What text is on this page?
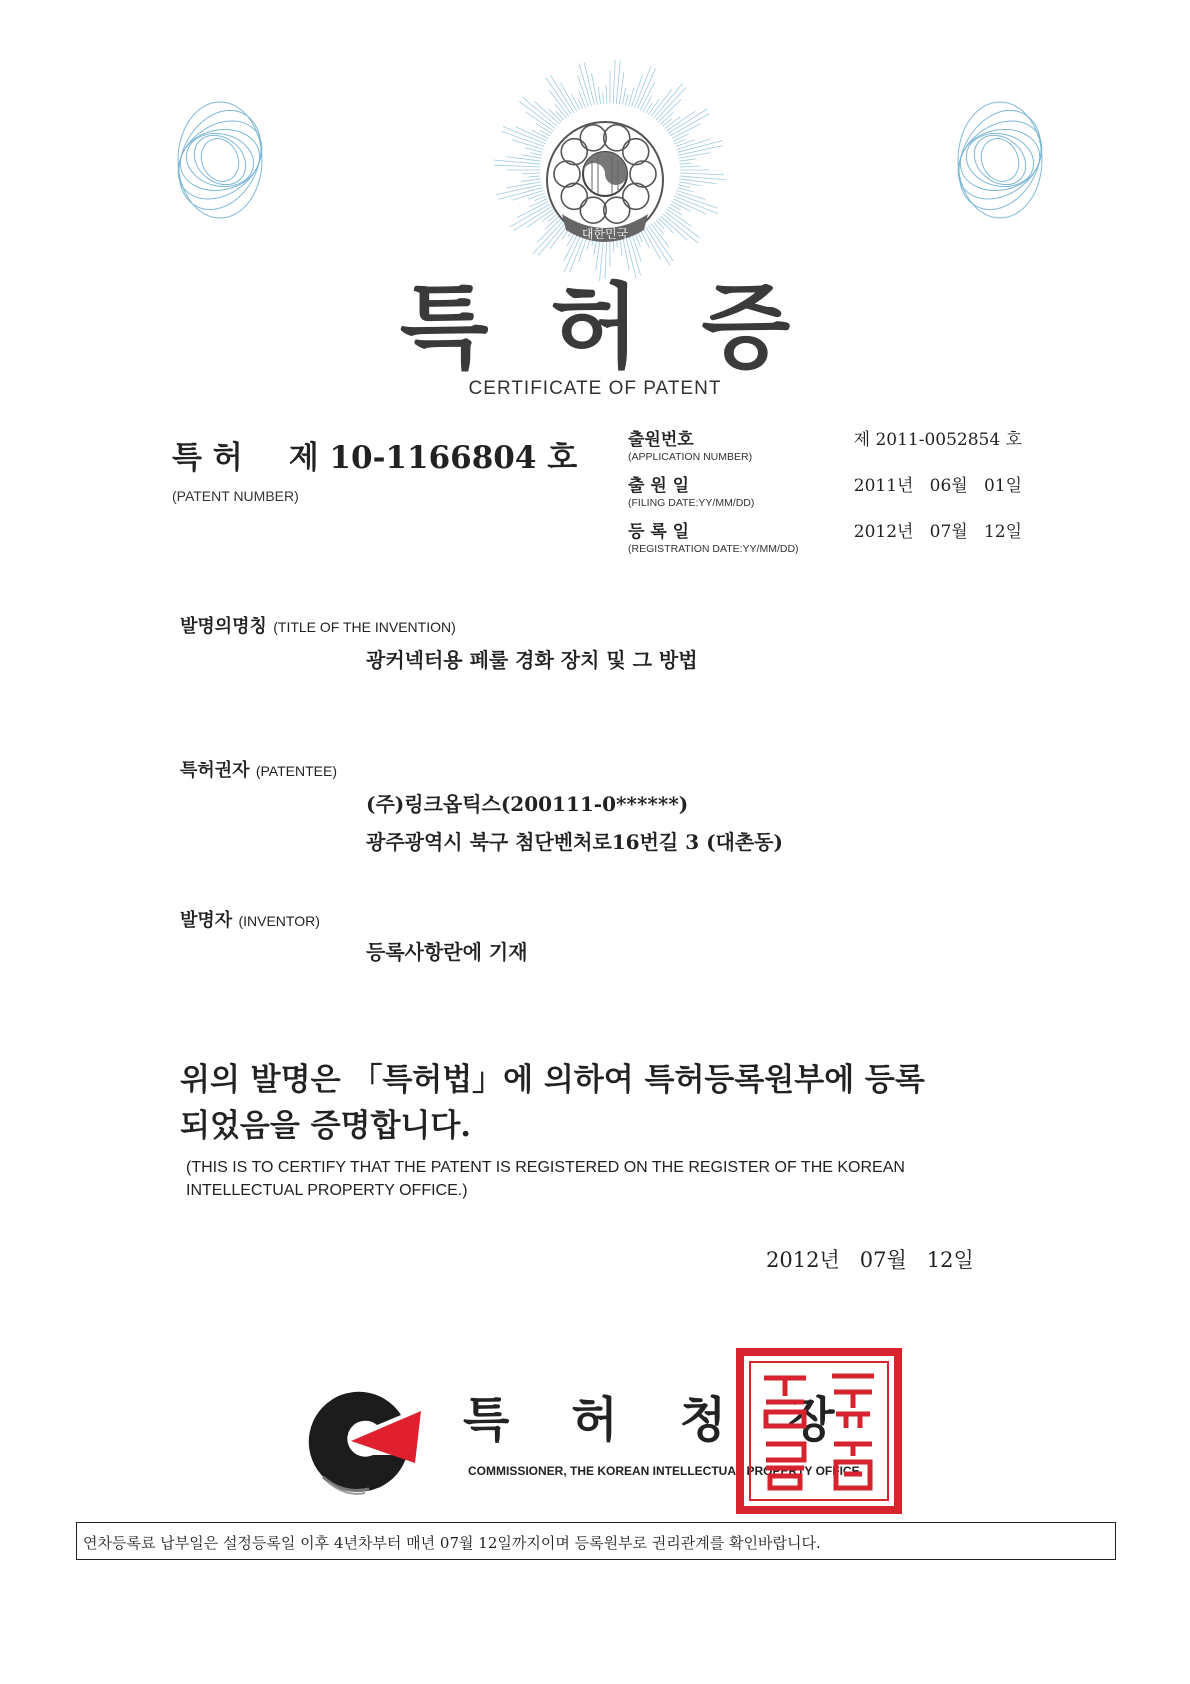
대한민국
특허증
CERTIFICATE OF PATENT
특 허 제 10-1166804 호
(PATENT NUMBER)
출원번호
(APPLICATION NUMBER)
제 2011-0052854 호
출 원 일
(FILING DATE:YY/MM/DD)
2011년   06월   01일
등 록 일
(REGISTRATION DATE:YY/MM/DD)
2012년   07월   12일
발명의명칭 (TITLE OF THE INVENTION)
광커넥터용 페룰 경화 장치 및 그 방법
특허권자 (PATENTEE)
(주)링크옵틱스(200111-0******)
광주광역시 북구 첨단벤처로16번길 3 (대촌동)
발명자 (INVENTOR)
등록사항란에 기재
위의 발명은 「특허법」에 의하여 특허등록원부에 등록
되었음을 증명합니다.
(THIS IS TO CERTIFY THAT THE PATENT IS REGISTERED ON THE REGISTER OF THE KOREAN INTELLECTUAL PROPERTY OFFICE.)
2012년   07월   12일
특허청장
COMMISSIONER, THE KOREAN INTELLECTUAL PROPERTY OFFICE
연차등록료 납부일은 설정등록일 이후 4년차부터 매년 07월 12일까지이며 등록원부로 권리관계를 확인바랍니다.
